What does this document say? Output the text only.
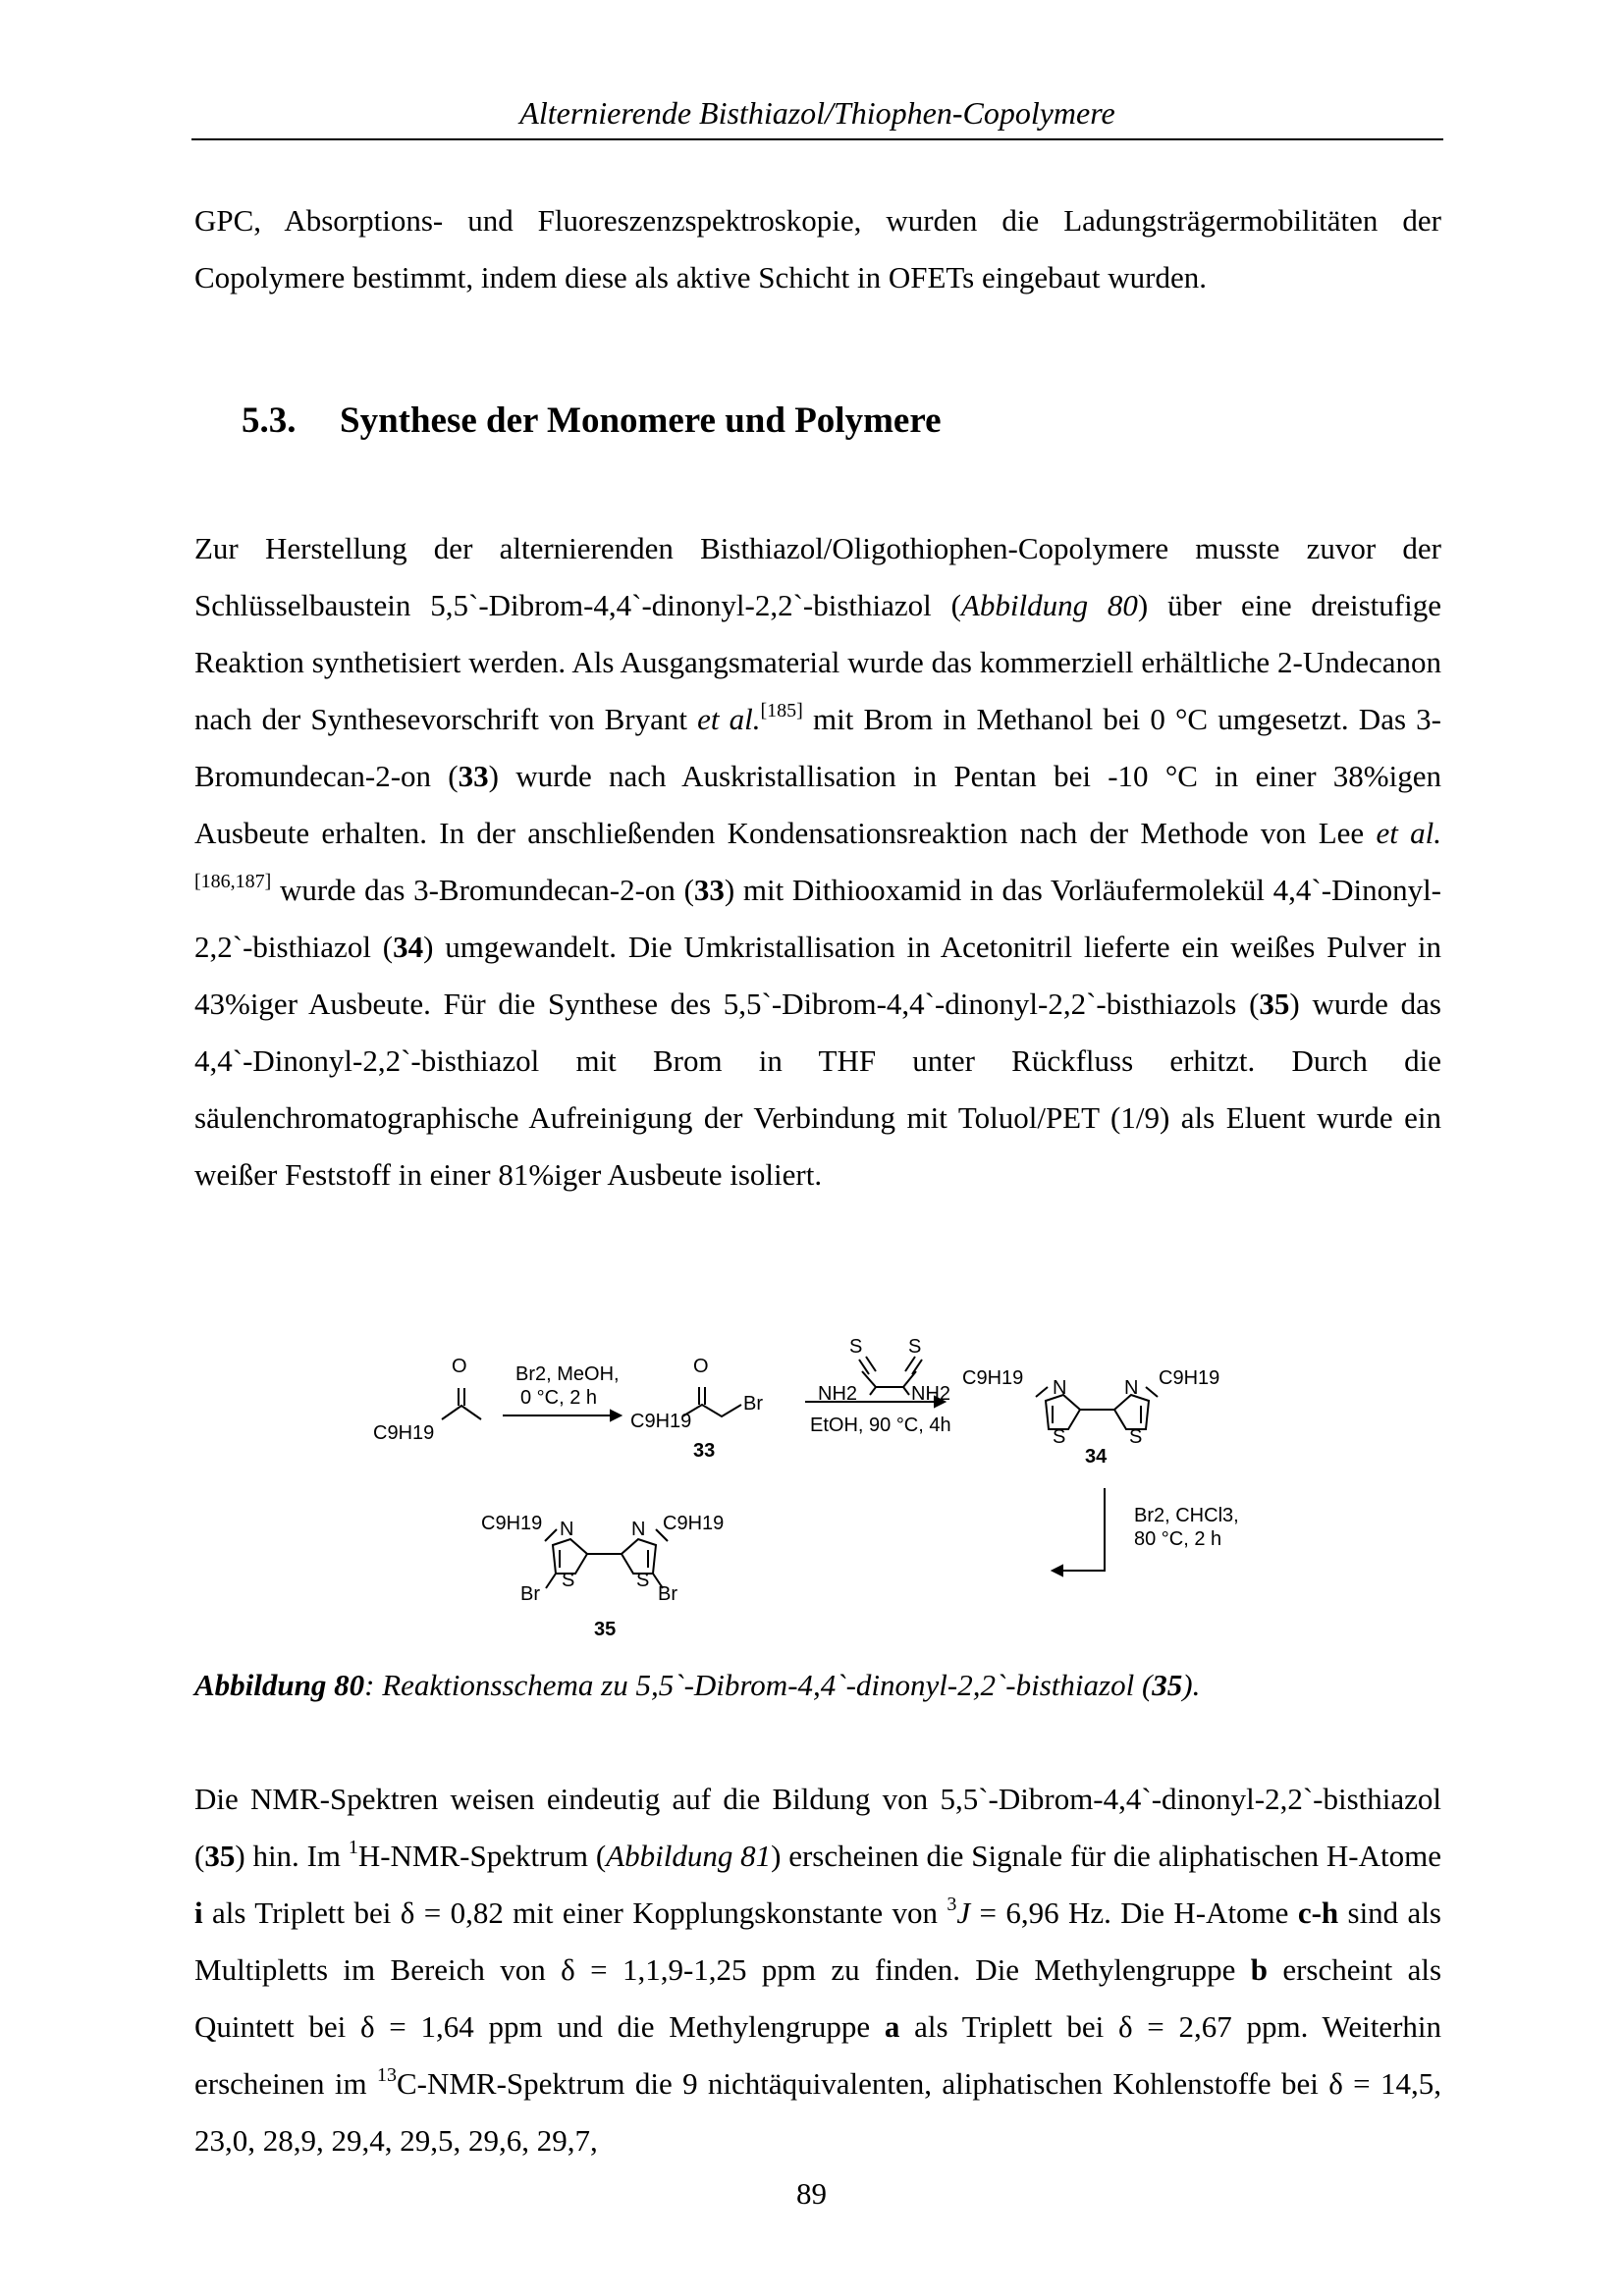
Alternierende Bisthiazol/Thiophen-Copolymere

GPC, Absorptions- und Fluoreszenzspektroskopie, wurden die Ladungsträgermobilitäten der Copolymere bestimmt, indem diese als aktive Schicht in OFETs eingebaut wurden.

5.3. Synthese der Monomere und Polymere

Zur Herstellung der alternierenden Bisthiazol/Oligothiophen-Copolymere musste zuvor der Schlüsselbaustein 5,5`-Dibrom-4,4`-dinonyl-2,2`-bisthiazol (Abbildung 80) über eine dreistufige Reaktion synthetisiert werden. Als Ausgangsmaterial wurde das kommerziell erhältliche 2-Undecanon nach der Synthesevorschrift von Bryant et al.[185] mit Brom in Methanol bei 0 °C umgesetzt. Das 3-Bromundecan-2-on (33) wurde nach Auskristallisation in Pentan bei -10 °C in einer 38%igen Ausbeute erhalten. In der anschließenden Kondensationsreaktion nach der Methode von Lee et al.[186,187] wurde das 3-Bromundecan-2-on (33) mit Dithiooxamid in das Vorläufermolekül 4,4`-Dinonyl-2,2`-bisthiazol (34) umgewandelt. Die Umkristallisation in Acetonitril lieferte ein weißes Pulver in 43%iger Ausbeute. Für die Synthese des 5,5`-Dibrom-4,4`-dinonyl-2,2`-bisthiazols (35) wurde das 4,4`-Dinonyl-2,2`-bisthiazol mit Brom in THF unter Rückfluss erhitzt. Durch die säulenchromatographische Aufreinigung der Verbindung mit Toluol/PET (1/9) als Eluent wurde ein weißer Feststoff in einer 81%iger Ausbeute isoliert.

O
C9H19
Br2, MeOH,
0 °C, 2 h
O
C9H19
Br
33
S S
NH2	NH2
EtOH, 90 °C, 4h
C9H19 N
S
N
S
C9H19
34
Br2, CHCl3,
80 °C, 2 h
C9H19 N
S
N
S
C9H19
Br	Br
35

Abbildung 80: Reaktionsschema zu 5,5`-Dibrom-4,4`-dinonyl-2,2`-bisthiazol (35).

Die NMR-Spektren weisen eindeutig auf die Bildung von 5,5`-Dibrom-4,4`-dinonyl-2,2`-bisthiazol (35) hin. Im $^1$H-NMR-Spektrum (Abbildung 81) erscheinen die Signale für die aliphatischen H-Atome i als Triplett bei δ = 0,82 mit einer Kopplungskonstante von $^3$J = 6,96 Hz. Die H-Atome c-h sind als Multipletts im Bereich von δ = 1,1,9-1,25 ppm zu finden. Die Methylengruppe b erscheint als Quintett bei δ = 1,64 ppm und die Methylengruppe a als Triplett bei δ = 2,67 ppm. Weiterhin erscheinen im $^{13}$C-NMR-Spektrum die 9 nichtäquivalenten, aliphatischen Kohlenstoffe bei δ = 14,5, 23,0, 28,9, 29,4, 29,5, 29,6, 29,7,

89
